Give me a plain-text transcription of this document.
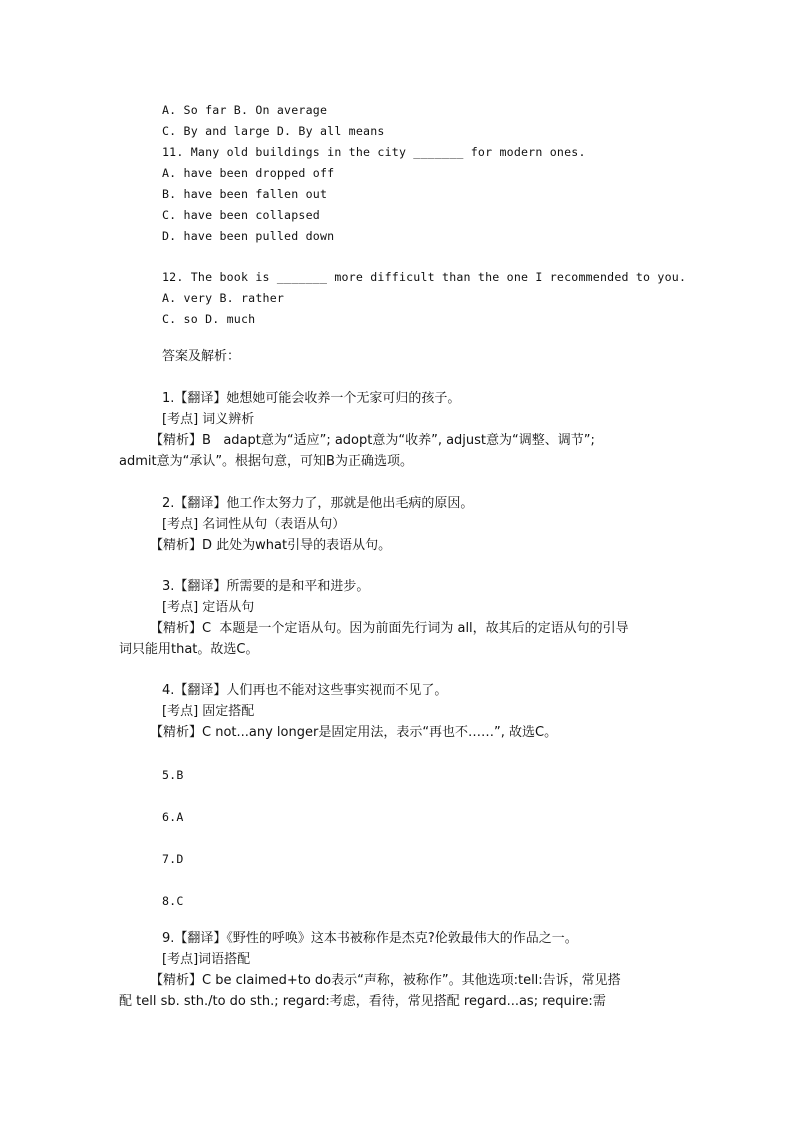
A. So far B. On average
C. By and large D. By all means
11. Many old buildings in the city _______ for modern ones.
A. have been dropped off
B. have been fallen out
C. have been collapsed
D. have been pulled down
12. The book is _______ more difficult than the one I recommended to you.
A. very B. rather
C. so D. much
答案及解析：
1.【翻译】她想她可能会收养一个无家可归的孩子。
[考点] 词义辨析
【精析】B   adapt意为“适应”; adopt意为“收养”, adjust意为“调整、调节”;
admit意为“承认”。根据句意，可知B为正确选项。
2.【翻译】他工作太努力了，那就是他出毛病的原因。
[考点] 名词性从句（表语从句）
【精析】D 此处为what引导的表语从句。
3.【翻译】所需要的是和平和进步。
[考点] 定语从句
【精析】C  本题是一个定语从句。因为前面先行词为 all，故其后的定语从句的引导
词只能用that。故选C。
4.【翻译】人们再也不能对这些事实视而不见了。
[考点] 固定搭配
【精析】C not...any longer是固定用法，表示“再也不……”, 故选C。
5.B
6.A
7.D
8.C
9.【翻译】《野性的呼唤》这本书被称作是杰克?伦敦最伟大的作品之一。
[考点]词语搭配
【精析】C be claimed+to do表示“声称，被称作”。其他选项:tell:告诉，常见搭
配 tell sb. sth./to do sth.; regard:考虑，看待，常见搭配 regard...as; require:需
